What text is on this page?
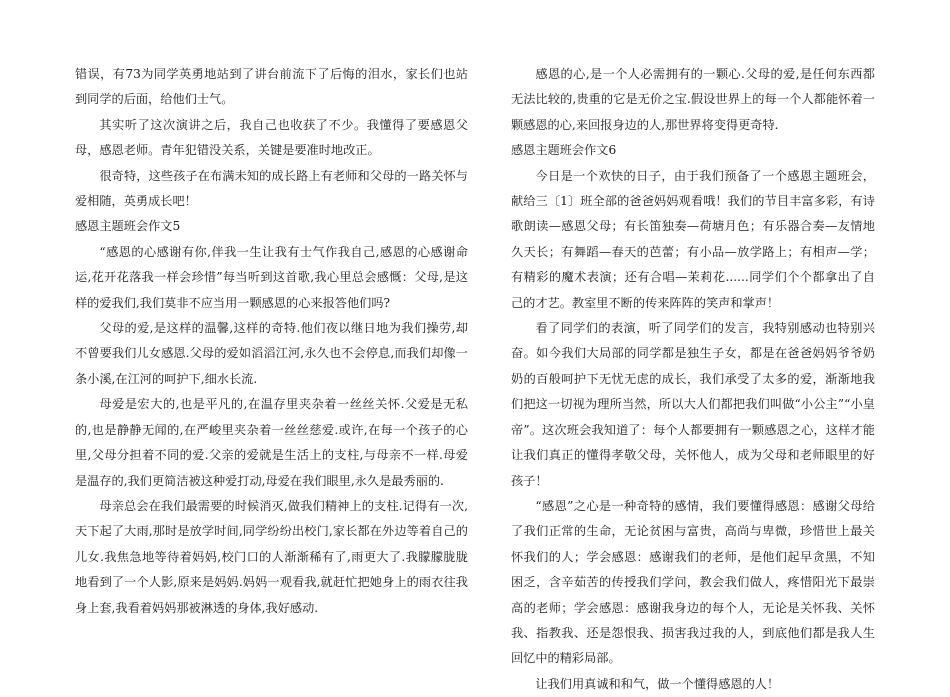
错误，有73为同学英勇地站到了讲台前流下了后悔的泪水，家长们也站到同学的后面，给他们士气。

其实听了这次演讲之后，我自己也收获了不少。我懂得了要感恩父母，感恩老师。青年犯错没关系，关键是要准时地改正。

很奇特，这些孩子在布满未知的成长路上有老师和父母的一路关怀与爱相随，英勇成长吧！

感恩主题班会作文5

“感恩的心感谢有你,伴我一生让我有士气作我自己,感恩的心感谢命运,花开花落我一样会珍惜”每当听到这首歌,我心里总会感慨：父母,是这样的爱我们,我们莫非不应当用一颗感恩的心来报答他们吗?

父母的爱,是这样的温馨,这样的奇特.他们夜以继日地为我们操劳,却不曾要我们儿女感恩.父母的爱如滔滔江河,永久也不会停息,而我们却像一条小溪,在江河的呵护下,细水长流.

母爱是宏大的,也是平凡的,在温存里夹杂着一丝丝关怀.父爱是无私的,也是静静无闻的,在严峻里夹杂着一丝丝慈爱.或许,在每一个孩子的心里,父母分担着不同的爱.父亲的爱就是生活上的支柱,与母亲不一样.母爱是温存的,我们更简洁被这种爱打动,母爱在我们眼里,永久是最秀丽的.

母亲总会在我们最需要的时候消灭,做我们精神上的支柱.记得有一次,天下起了大雨,那时是放学时间,同学纷纷出校门,家长都在外边等着自己的儿女.我焦急地等待着妈妈,校门口的人渐渐稀有了,雨更大了.我朦朦胧胧地看到了一个人影,原来是妈妈.妈妈一观看我,就赶忙把她身上的雨衣往我身上套,我看着妈妈那被淋透的身体,我好感动.

感恩的心,是一个人必需拥有的一颗心.父母的爱,是任何东西都无法比较的,贵重的它是无价之宝.假设世界上的每一个人都能怀着一颗感恩的心,来回报身边的人,那世界将变得更奇特.

感恩主题班会作文6

今日是一个欢快的日子，由于我们预备了一个感恩主题班会，献给三〔1〕班全部的爸爸妈妈观看哦！我们的节目丰富多彩，有诗歌朗读—感恩父母；有长笛独奏—荷塘月色；有乐器合奏—友情地久天长；有舞蹈—春天的芭蕾；有小品—放学路上；有相声—学；有精彩的魔术表演；还有合唱—茉莉花......同学们个个都拿出了自己的才艺。教室里不断的传来阵阵的笑声和掌声！

看了同学们的表演，听了同学们的发言，我特别感动也特别兴奋。如今我们大局部的同学都是独生子女，都是在爸爸妈妈爷爷奶奶的百般呵护下无忧无虑的成长，我们承受了太多的爱，渐渐地我们把这一切视为理所当然，所以大人们都把我们叫做“小公主”“小皇帝”。这次班会我知道了：每个人都要拥有一颗感恩之心，这样才能让我们真正的懂得孝敬父母，关怀他人，成为父母和老师眼里的好孩子！

“感恩”之心是一种奇特的感情，我们要懂得感恩：感谢父母给了我们正常的生命，无论贫困与富贵，高尚与卑微，珍惜世上最关怀我们的人；学会感恩：感谢我们的老师，是他们起早贪黑，不知困乏，含辛茹苦的传授我们学问，教会我们做人，疼惜阳光下最崇高的老师；学会感恩：感谢我身边的每个人，无论是关怀我、关怀我、指教我、还是怨恨我、损害我过我的人，到底他们都是我人生回忆中的精彩局部。

让我们用真诚和和气，做一个懂得感恩的人！
